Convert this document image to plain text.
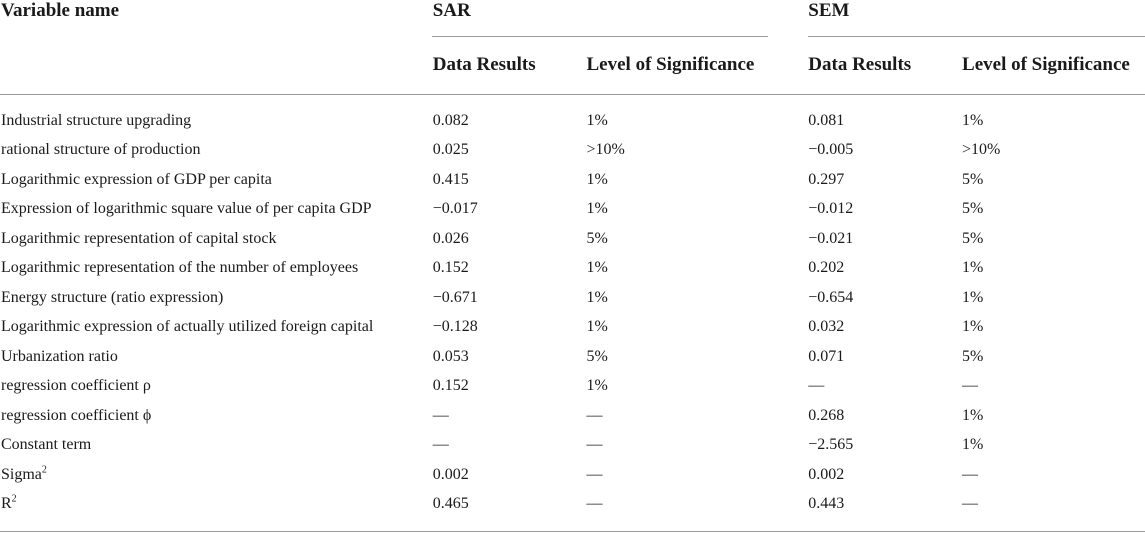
Variable name	SAR		SEM	
	Data Results	Level of Significance	Data Results	Level of Significance
Industrial structure upgrading	0.082	1%	0.081	1%
rational structure of production	0.025	>10%	−0.005	>10%
Logarithmic expression of GDP per capita	0.415	1%	0.297	5%
Expression of logarithmic square value of per capita GDP	−0.017	1%	−0.012	5%
Logarithmic representation of capital stock	0.026	5%	−0.021	5%
Logarithmic representation of the number of employees	0.152	1%	0.202	1%
Energy structure (ratio expression)	−0.671	1%	−0.654	1%
Logarithmic expression of actually utilized foreign capital	−0.128	1%	0.032	1%
Urbanization ratio	0.053	5%	0.071	5%
regression coefficient ρ	0.152	1%	—	—
regression coefficient ϕ	—	—	0.268	1%
Constant term	—	—	−2.565	1%
Sigma$^2$	0.002	—	0.002	—
$R^2$	0.465	—	0.443	—
